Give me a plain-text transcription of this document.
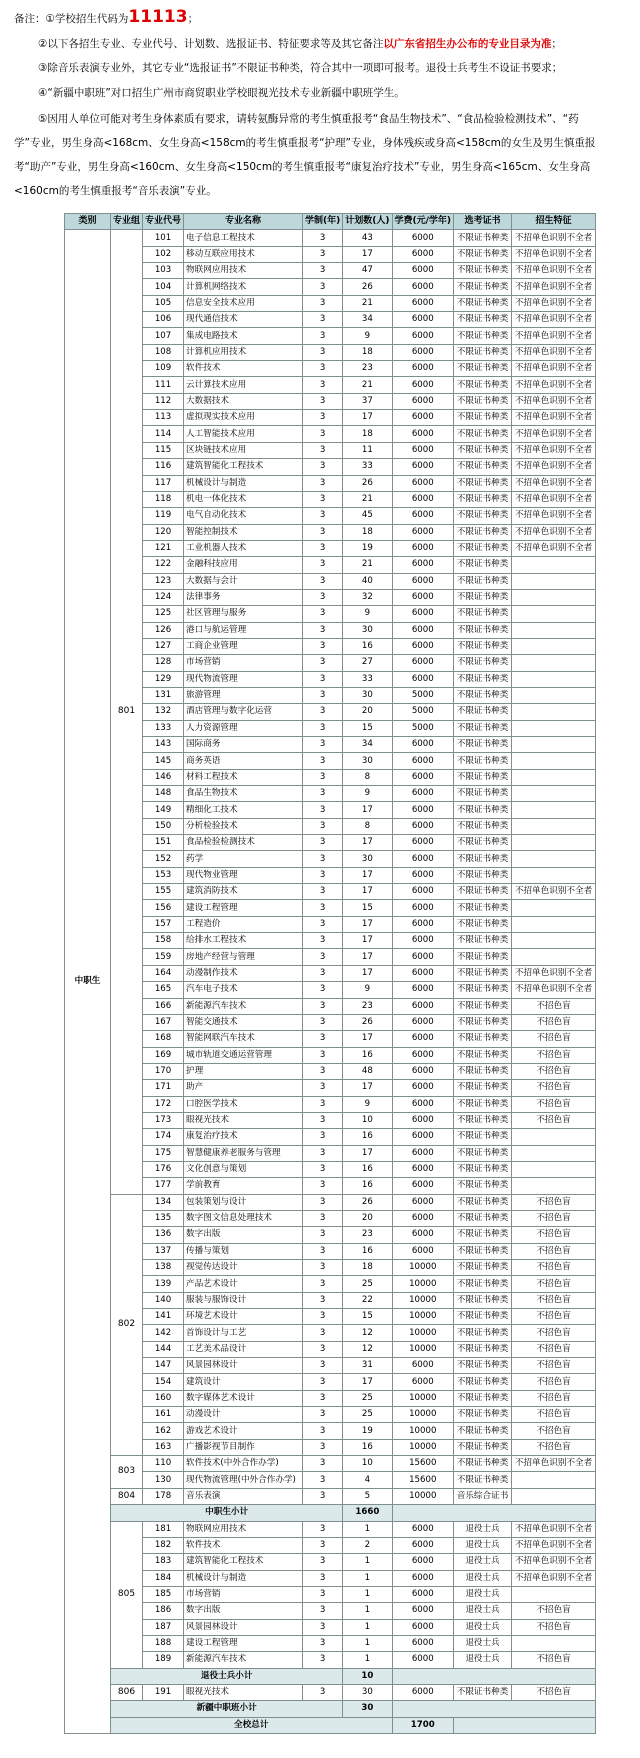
备注：①学校招生代码为11113；
②以下各招生专业、专业代号、计划数、选报证书、特征要求等及其它备注以广东省招生办公布的专业目录为准；
③除音乐表演专业外，其它专业“选报证书”不限证书种类，符合其中一项即可报考。退役士兵考生不设证书要求；
④“新疆中职班”对口招生广州市商贸职业学校眼视光技术专业新疆中职班学生。
⑤因用人单位可能对考生身体素质有要求，请转氨酶异常的考生慎重报考“食品生物技术”、“食品检验检测技术”、“药
学”专业，男生身高<168cm、女生身高<158cm的考生慎重报考“护理”专业，身体残疾或身高<158cm的女生及男生慎重报
考“助产”专业，男生身高<160cm、女生身高<150cm的考生慎重报考“康复治疗技术”专业，男生身高<165cm、女生身高
<160cm的考生慎重报考“音乐表演”专业。
类别	专业组	专业代号	专业名称	学制(年)	计划数(人)	学费(元/学年)	选考证书	招生特征
中职生	801	101	电子信息工程技术	3	43	6000	不限证书种类	不招单色识别不全者
		102	移动互联应用技术	3	17	6000	不限证书种类	不招单色识别不全者
		103	物联网应用技术	3	47	6000	不限证书种类	不招单色识别不全者
		104	计算机网络技术	3	26	6000	不限证书种类	不招单色识别不全者
		105	信息安全技术应用	3	21	6000	不限证书种类	不招单色识别不全者
		106	现代通信技术	3	34	6000	不限证书种类	不招单色识别不全者
		107	集成电路技术	3	9	6000	不限证书种类	不招单色识别不全者
		108	计算机应用技术	3	18	6000	不限证书种类	不招单色识别不全者
		109	软件技术	3	23	6000	不限证书种类	不招单色识别不全者
		111	云计算技术应用	3	21	6000	不限证书种类	不招单色识别不全者
		112	大数据技术	3	37	6000	不限证书种类	不招单色识别不全者
		113	虚拟现实技术应用	3	17	6000	不限证书种类	不招单色识别不全者
		114	人工智能技术应用	3	18	6000	不限证书种类	不招单色识别不全者
		115	区块链技术应用	3	11	6000	不限证书种类	不招单色识别不全者
		116	建筑智能化工程技术	3	33	6000	不限证书种类	不招单色识别不全者
		117	机械设计与制造	3	26	6000	不限证书种类	不招单色识别不全者
		118	机电一体化技术	3	21	6000	不限证书种类	不招单色识别不全者
		119	电气自动化技术	3	45	6000	不限证书种类	不招单色识别不全者
		120	智能控制技术	3	18	6000	不限证书种类	不招单色识别不全者
		121	工业机器人技术	3	19	6000	不限证书种类	不招单色识别不全者
		122	金融科技应用	3	21	6000	不限证书种类	
		123	大数据与会计	3	40	6000	不限证书种类	
		124	法律事务	3	32	6000	不限证书种类	
		125	社区管理与服务	3	9	6000	不限证书种类	
		126	港口与航运管理	3	30	6000	不限证书种类	
		127	工商企业管理	3	16	6000	不限证书种类	
		128	市场营销	3	27	6000	不限证书种类	
		129	现代物流管理	3	33	6000	不限证书种类	
		131	旅游管理	3	30	5000	不限证书种类	
		132	酒店管理与数字化运营	3	20	5000	不限证书种类	
		133	人力资源管理	3	15	5000	不限证书种类	
		143	国际商务	3	34	6000	不限证书种类	
		145	商务英语	3	30	6000	不限证书种类	
		146	材料工程技术	3	8	6000	不限证书种类	
		148	食品生物技术	3	9	6000	不限证书种类	
		149	精细化工技术	3	17	6000	不限证书种类	
		150	分析检验技术	3	8	6000	不限证书种类	
		151	食品检验检测技术	3	17	6000	不限证书种类	
		152	药学	3	30	6000	不限证书种类	
		153	现代物业管理	3	17	6000	不限证书种类	
		155	建筑消防技术	3	17	6000	不限证书种类	不招单色识别不全者
		156	建设工程管理	3	15	6000	不限证书种类	
		157	工程造价	3	17	6000	不限证书种类	
		158	给排水工程技术	3	17	6000	不限证书种类	
		159	房地产经营与管理	3	17	6000	不限证书种类	
		164	动漫制作技术	3	17	6000	不限证书种类	不招单色识别不全者
		165	汽车电子技术	3	9	6000	不限证书种类	不招单色识别不全者
		166	新能源汽车技术	3	23	6000	不限证书种类	不招色盲
		167	智能交通技术	3	26	6000	不限证书种类	不招色盲
		168	智能网联汽车技术	3	17	6000	不限证书种类	不招色盲
		169	城市轨道交通运营管理	3	16	6000	不限证书种类	不招色盲
		170	护理	3	48	6000	不限证书种类	不招色盲
		171	助产	3	17	6000	不限证书种类	不招色盲
		172	口腔医学技术	3	9	6000	不限证书种类	不招色盲
		173	眼视光技术	3	10	6000	不限证书种类	不招色盲
		174	康复治疗技术	3	16	6000	不限证书种类	
		175	智慧健康养老服务与管理	3	17	6000	不限证书种类	
		176	文化创意与策划	3	16	6000	不限证书种类	
		177	学前教育	3	16	6000	不限证书种类	
	802	134	包装策划与设计	3	26	6000	不限证书种类	不招色盲
		135	数字图文信息处理技术	3	20	6000	不限证书种类	不招色盲
		136	数字出版	3	23	6000	不限证书种类	不招色盲
		137	传播与策划	3	16	6000	不限证书种类	不招色盲
		138	视觉传达设计	3	18	10000	不限证书种类	不招色盲
		139	产品艺术设计	3	25	10000	不限证书种类	不招色盲
		140	服装与服饰设计	3	22	10000	不限证书种类	不招色盲
		141	环境艺术设计	3	15	10000	不限证书种类	不招色盲
		142	首饰设计与工艺	3	12	10000	不限证书种类	不招色盲
		144	工艺美术品设计	3	12	10000	不限证书种类	不招色盲
		147	风景园林设计	3	31	6000	不限证书种类	不招色盲
		154	建筑设计	3	17	6000	不限证书种类	不招色盲
		160	数字媒体艺术设计	3	25	10000	不限证书种类	不招色盲
		161	动漫设计	3	25	10000	不限证书种类	不招色盲
		162	游戏艺术设计	3	19	10000	不限证书种类	不招色盲
		163	广播影视节目制作	3	16	10000	不限证书种类	不招色盲
	803	110	软件技术(中外合作办学)	3	10	15600	不限证书种类	不招单色识别不全者
		130	现代物流管理(中外合作办学)	3	4	15600	不限证书种类	
	804	178	音乐表演	3	5	10000	音乐综合证书	
	中职生小计				1660			
	805	181	物联网应用技术	3	1	6000	退役士兵	不招单色识别不全者
		182	软件技术	3	2	6000	退役士兵	不招单色识别不全者
		183	建筑智能化工程技术	3	1	6000	退役士兵	不招单色识别不全者
		184	机械设计与制造	3	1	6000	退役士兵	不招单色识别不全者
		185	市场营销	3	1	6000	退役士兵	
		186	数字出版	3	1	6000	退役士兵	不招色盲
		187	风景园林设计	3	1	6000	退役士兵	不招色盲
		188	建设工程管理	3	1	6000	退役士兵	
		189	新能源汽车技术	3	1	6000	退役士兵	不招色盲
	退役士兵小计				10			
	806	191	眼视光技术	3	30	6000	不限证书种类	不招色盲
	新疆中职班小计				30			
	全校总计					1700		
